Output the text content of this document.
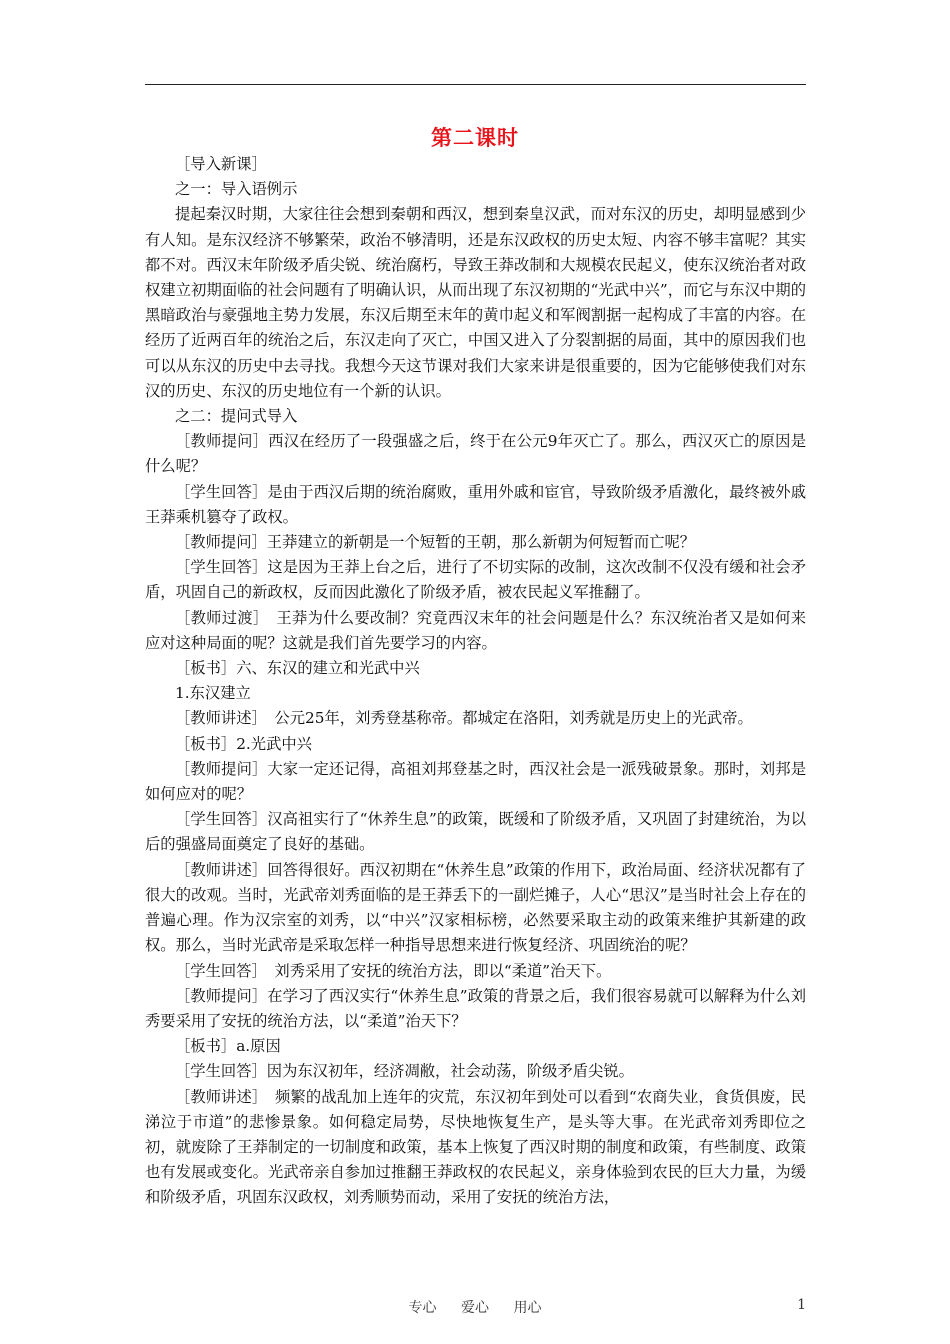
第二课时

［导入新课］

之一：导入语例示

提起秦汉时期，大家往往会想到秦朝和西汉，想到秦皇汉武，而对东汉的历史，却明显感到少有人知。是东汉经济不够繁荣，政治不够清明，还是东汉政权的历史太短、内容不够丰富呢？其实都不对。西汉末年阶级矛盾尖锐、统治腐朽，导致王莽改制和大规模农民起义，使东汉统治者对政权建立初期面临的社会问题有了明确认识，从而出现了东汉初期的“光武中兴”，而它与东汉中期的黑暗政治与豪强地主势力发展，东汉后期至末年的黄巾起义和军阀割据一起构成了丰富的内容。在经历了近两百年的统治之后，东汉走向了灭亡，中国又进入了分裂割据的局面，其中的原因我们也可以从东汉的历史中去寻找。我想今天这节课对我们大家来讲是很重要的，因为它能够使我们对东汉的历史、东汉的历史地位有一个新的认识。

之二：提问式导入

［教师提问］西汉在经历了一段强盛之后，终于在公元9年灭亡了。那么，西汉灭亡的原因是什么呢？

［学生回答］是由于西汉后期的统治腐败，重用外戚和宦官，导致阶级矛盾激化，最终被外戚王莽乘机篡夺了政权。

［教师提问］王莽建立的新朝是一个短暂的王朝，那么新朝为何短暂而亡呢？

［学生回答］这是因为王莽上台之后，进行了不切实际的改制，这次改制不仅没有缓和社会矛盾，巩固自己的新政权，反而因此激化了阶级矛盾，被农民起义军推翻了。

［教师过渡］　王莽为什么要改制？究竟西汉末年的社会问题是什么？东汉统治者又是如何来应对这种局面的呢？这就是我们首先要学习的内容。

［板书］六、东汉的建立和光武中兴

1.东汉建立

［教师讲述］　公元25年，刘秀登基称帝。都城定在洛阳，刘秀就是历史上的光武帝。

［板书］2.光武中兴

［教师提问］大家一定还记得，高祖刘邦登基之时，西汉社会是一派残破景象。那时，刘邦是如何应对的呢？

［学生回答］汉高祖实行了“休养生息”的政策，既缓和了阶级矛盾，又巩固了封建统治，为以后的强盛局面奠定了良好的基础。

［教师讲述］回答得很好。西汉初期在“休养生息”政策的作用下，政治局面、经济状况都有了很大的改观。当时，光武帝刘秀面临的是王莽丢下的一副烂摊子，人心“思汉”是当时社会上存在的普遍心理。作为汉宗室的刘秀，以“中兴”汉家相标榜，必然要采取主动的政策来维护其新建的政权。那么，当时光武帝是采取怎样一种指导思想来进行恢复经济、巩固统治的呢？

［学生回答］　刘秀采用了安抚的统治方法，即以“柔道”治天下。

［教师提问］在学习了西汉实行“休养生息”政策的背景之后，我们很容易就可以解释为什么刘秀要采用了安抚的统治方法，以“柔道”治天下？

［板书］a.原因

［学生回答］因为东汉初年，经济凋敝，社会动荡，阶级矛盾尖锐。

［教师讲述］　频繁的战乱加上连年的灾荒，东汉初年到处可以看到“农商失业，食货俱废，民涕泣于市道”的悲惨景象。如何稳定局势，尽快地恢复生产，是头等大事。在光武帝刘秀即位之初，就废除了王莽制定的一切制度和政策，基本上恢复了西汉时期的制度和政策，有些制度、政策也有发展或变化。光武帝亲自参加过推翻王莽政权的农民起义，亲身体验到农民的巨大力量，为缓和阶级矛盾，巩固东汉政权，刘秀顺势而动，采用了安抚的统治方法，

专心 爱心 用心	1
